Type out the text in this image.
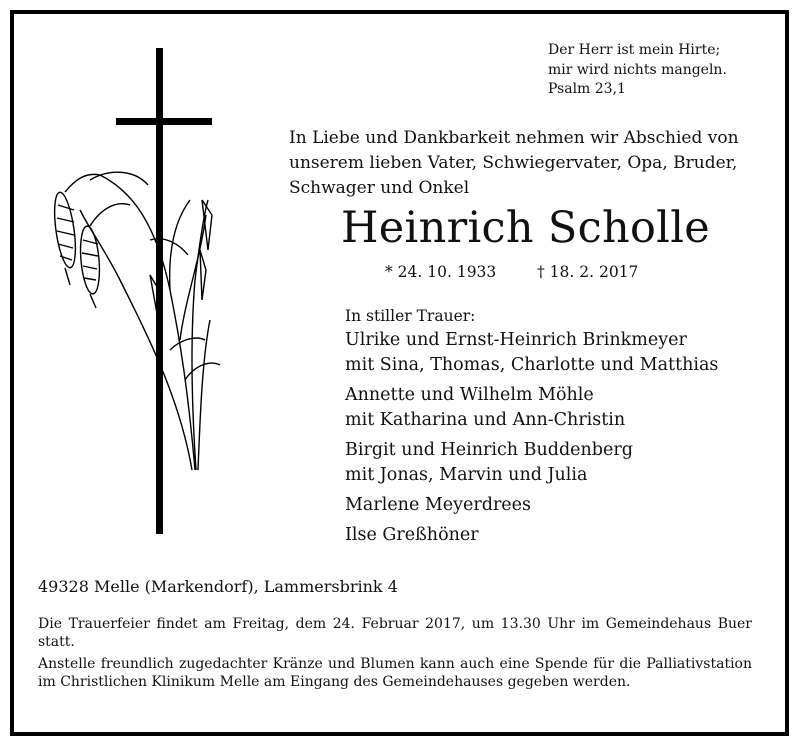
Der Herr ist mein Hirte;
mir wird nichts mangeln.
Psalm 23,1
In Liebe und Dankbarkeit nehmen wir Abschied von
unserem lieben Vater, Schwiegervater, Opa, Bruder,
Schwager und Onkel
Heinrich Scholle
* 24. 10. 1933	† 18. 2. 2017
In stiller Trauer:
Ulrike und Ernst-Heinrich Brinkmeyer
mit Sina, Thomas, Charlotte und Matthias
Annette und Wilhelm Möhle
mit Katharina und Ann-Christin
Birgit und Heinrich Buddenberg
mit Jonas, Marvin und Julia
Marlene Meyerdrees
Ilse Greßhöner
49328 Melle (Markendorf), Lammersbrink 4
Die Trauerfeier findet am Freitag, dem 24. Februar 2017, um 13.30 Uhr im Gemeindehaus Buer statt.
Anstelle freundlich zugedachter Kränze und Blumen kann auch eine Spende für die Palliativstation im Christlichen Klinikum Melle am Eingang des Gemeindehauses gegeben werden.
